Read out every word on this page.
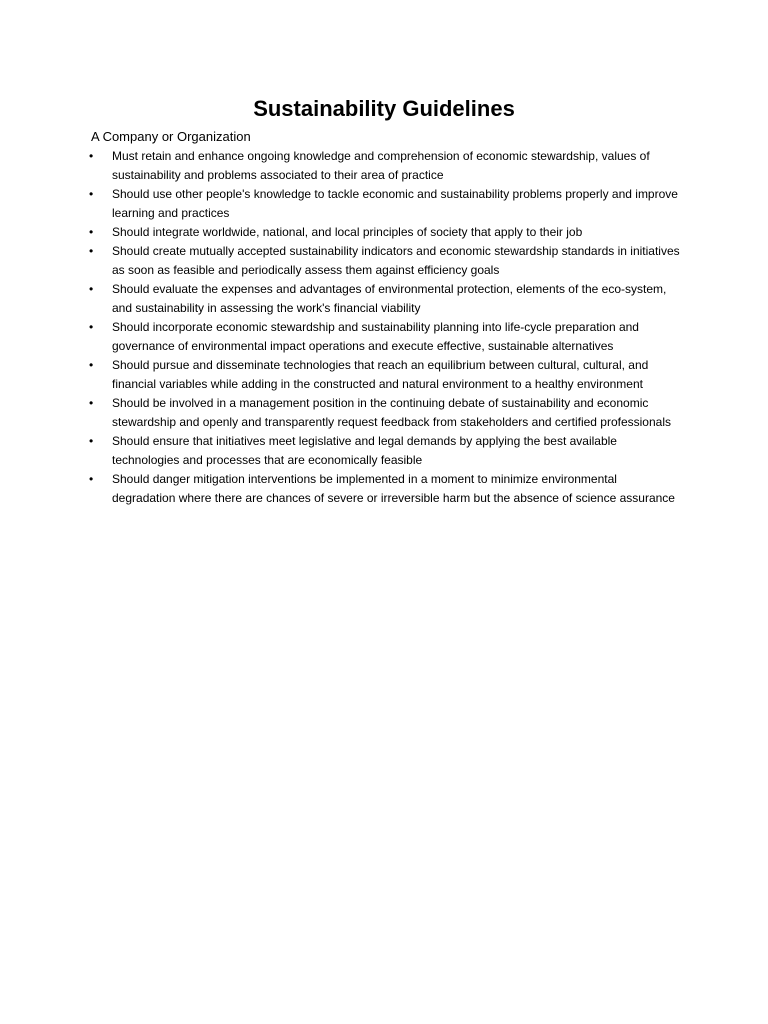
Sustainability Guidelines

A Company or Organization

• Must retain and enhance ongoing knowledge and comprehension of economic stewardship, values of sustainability and problems associated to their area of practice
• Should use other people's knowledge to tackle economic and sustainability problems properly and improve learning and practices
• Should integrate worldwide, national, and local principles of society that apply to their job
• Should create mutually accepted sustainability indicators and economic stewardship standards in initiatives as soon as feasible and periodically assess them against efficiency goals
• Should evaluate the expenses and advantages of environmental protection, elements of the eco-system, and sustainability in assessing the work's financial viability
• Should incorporate economic stewardship and sustainability planning into life-cycle preparation and governance of environmental impact operations and execute effective, sustainable alternatives
• Should pursue and disseminate technologies that reach an equilibrium between cultural, cultural, and financial variables while adding in the constructed and natural environment to a healthy environment
• Should be involved in a management position in the continuing debate of sustainability and economic stewardship and openly and transparently request feedback from stakeholders and certified professionals
• Should ensure that initiatives meet legislative and legal demands by applying the best available technologies and processes that are economically feasible
• Should danger mitigation interventions be implemented in a moment to minimize environmental degradation where there are chances of severe or irreversible harm but the absence of science assurance
